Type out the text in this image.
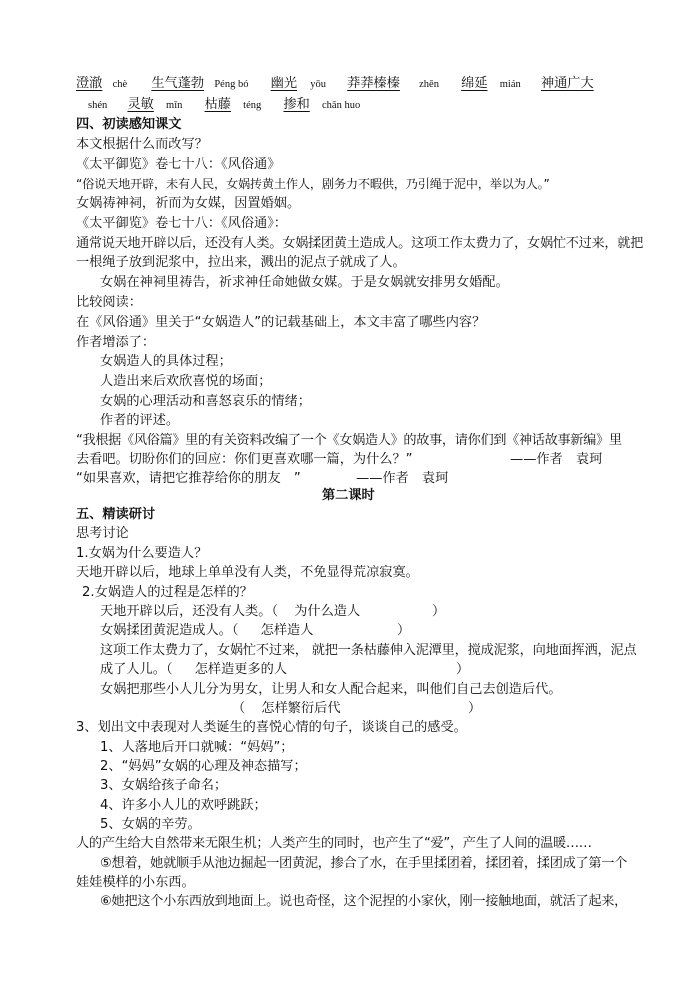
澄澈 chè 生气蓬勃 Péng bó 幽光 yōu 莽莽榛榛 zhēn 绵延 mián 神通广大
shén 灵敏 mǐn 枯藤 téng 掺和 chān huo
四、初读感知课文
本文根据什么而改写？
《太平御览》卷七十八：《风俗通》
“俗说天地开辟，未有人民，女娲抟黄土作人，剧务力不暇供，乃引绳于泥中，举以为人。”
女娲祷神祠，祈而为女媒，因置婚姻。
《太平御览》卷七十八：《风俗通》：
通常说天地开辟以后，还没有人类。女娲揉团黄土造成人。这项工作太费力了，女娲忙不过来，就把
一根绳子放到泥浆中，拉出来，溅出的泥点子就成了人。
女娲在神祠里祷告，祈求神任命她做女媒。于是女娲就安排男女婚配。
比较阅读：
在《风俗通》里关于“女娲造人”的记载基础上，本文丰富了哪些内容？
作者增添了：
女娲造人的具体过程；
人造出来后欢欣喜悦的场面；
女娲的心理活动和喜怒哀乐的情绪；
作者的评述。
“我根据《风俗篇》里的有关资料改编了一个《女娲造人》的故事，请你们到《神话故事新编》里
去看吧。切盼你们的回应：你们更喜欢哪一篇，为什么？”	——作者　袁珂
“如果喜欢，请把它推荐给你的朋友　”	——作者　袁珂
第二课时
五、精读研讨
思考讨论
1.女娲为什么要造人？
天地开辟以后，地球上单单没有人类，不免显得荒凉寂寞。
2.女娲造人的过程是怎样的？
天地开辟以后，还没有人类。（ 为什么造人	）
女娲揉团黄泥造成人。（ 怎样造人	）
这项工作太费力了，女娲忙不过来， 就把一条枯藤伸入泥潭里，搅成泥浆，向地面挥洒，泥点
成了人儿。（ 怎样造更多的人	）
女娲把那些小人儿分为男女，让男人和女人配合起来，叫他们自己去创造后代。
（ 怎样繁衍后代	）
3、划出文中表现对人类诞生的喜悦心情的句子，谈谈自己的感受。
1、人落地后开口就喊：“妈妈”；
2、“妈妈”女娲的心理及神态描写；
3、女娲给孩子命名；
4、许多小人儿的欢呼跳跃；
5、女娲的辛劳。
人的产生给大自然带来无限生机；人类产生的同时，也产生了“爱”，产生了人间的温暖……
⑤想着，她就顺手从池边掘起一团黄泥，掺合了水，在手里揉团着，揉团着，揉团成了第一个
娃娃模样的小东西。
⑥她把这个小东西放到地面上。说也奇怪，这个泥捏的小家伙，刚一接触地面，就活了起来，
